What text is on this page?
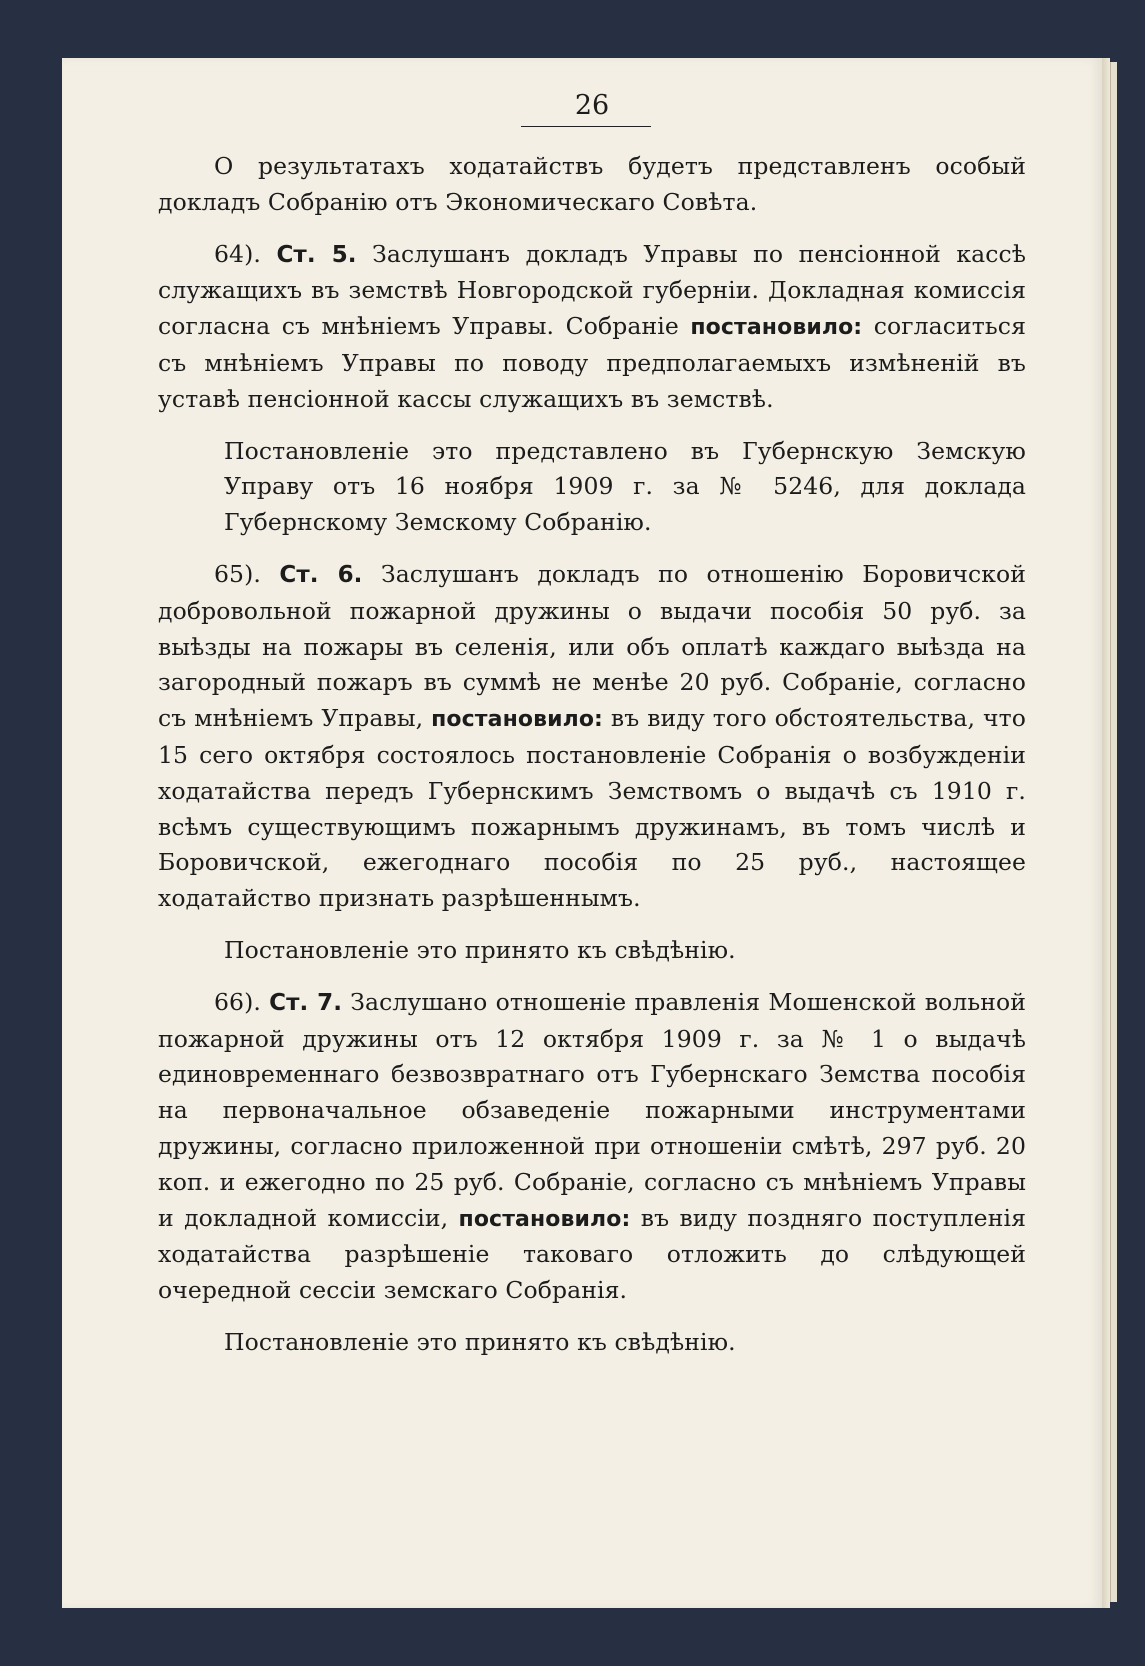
26

О результатахъ ходатайствъ будетъ представленъ особый докладъ Собранію отъ Экономическаго Совѣта.

64). Ст. 5. Заслушанъ докладъ Управы по пенсіонной кассѣ служащихъ въ земствѣ Новгородской губерніи. Докладная комиссія согласна съ мнѣніемъ Управы. Собраніе постановило: согласиться съ мнѣніемъ Управы по поводу предполагаемыхъ измѣненій въ уставѣ пенсіонной кассы служащихъ въ земствѣ.

Постановленіе это представлено въ Губернскую Земскую Управу отъ 16 ноября 1909 г. за № 5246, для доклада Губернскому Земскому Собранію.

65). Ст. 6. Заслушанъ докладъ по отношенію Боровичской добровольной пожарной дружины о выдачи пособія 50 руб. за выѣзды на пожары въ селенія, или объ оплатѣ каждаго выѣзда на загородный пожаръ въ суммѣ не менѣе 20 руб. Собраніе, согласно съ мнѣніемъ Управы, постановило: въ виду того обстоятельства, что 15 сего октября состоялось постановленіе Собранія о возбужденіи ходатайства передъ Губернскимъ Земствомъ о выдачѣ съ 1910 г. всѣмъ существующимъ пожарнымъ дружинамъ, въ томъ числѣ и Боровичской, ежегоднаго пособія по 25 руб., настоящее ходатайство признать разрѣшеннымъ.

Постановленіе это принято къ свѣдѣнію.

66). Ст. 7. Заслушано отношеніе правленія Мошенской вольной пожарной дружины отъ 12 октября 1909 г. за № 1 о выдачѣ единовременнаго безвозвратнаго отъ Губернскаго Земства пособія на первоначальное обзаведеніе пожарными инструментами дружины, согласно приложенной при отношеніи смѣтѣ, 297 руб. 20 коп. и ежегодно по 25 руб. Собраніе, согласно съ мнѣніемъ Управы и докладной комиссіи, постановило: въ виду поздняго поступленія ходатайства разрѣшеніе таковаго отложить до слѣдующей очередной сессіи земскаго Собранія.

Постановленіе это принято къ свѣдѣнію.
